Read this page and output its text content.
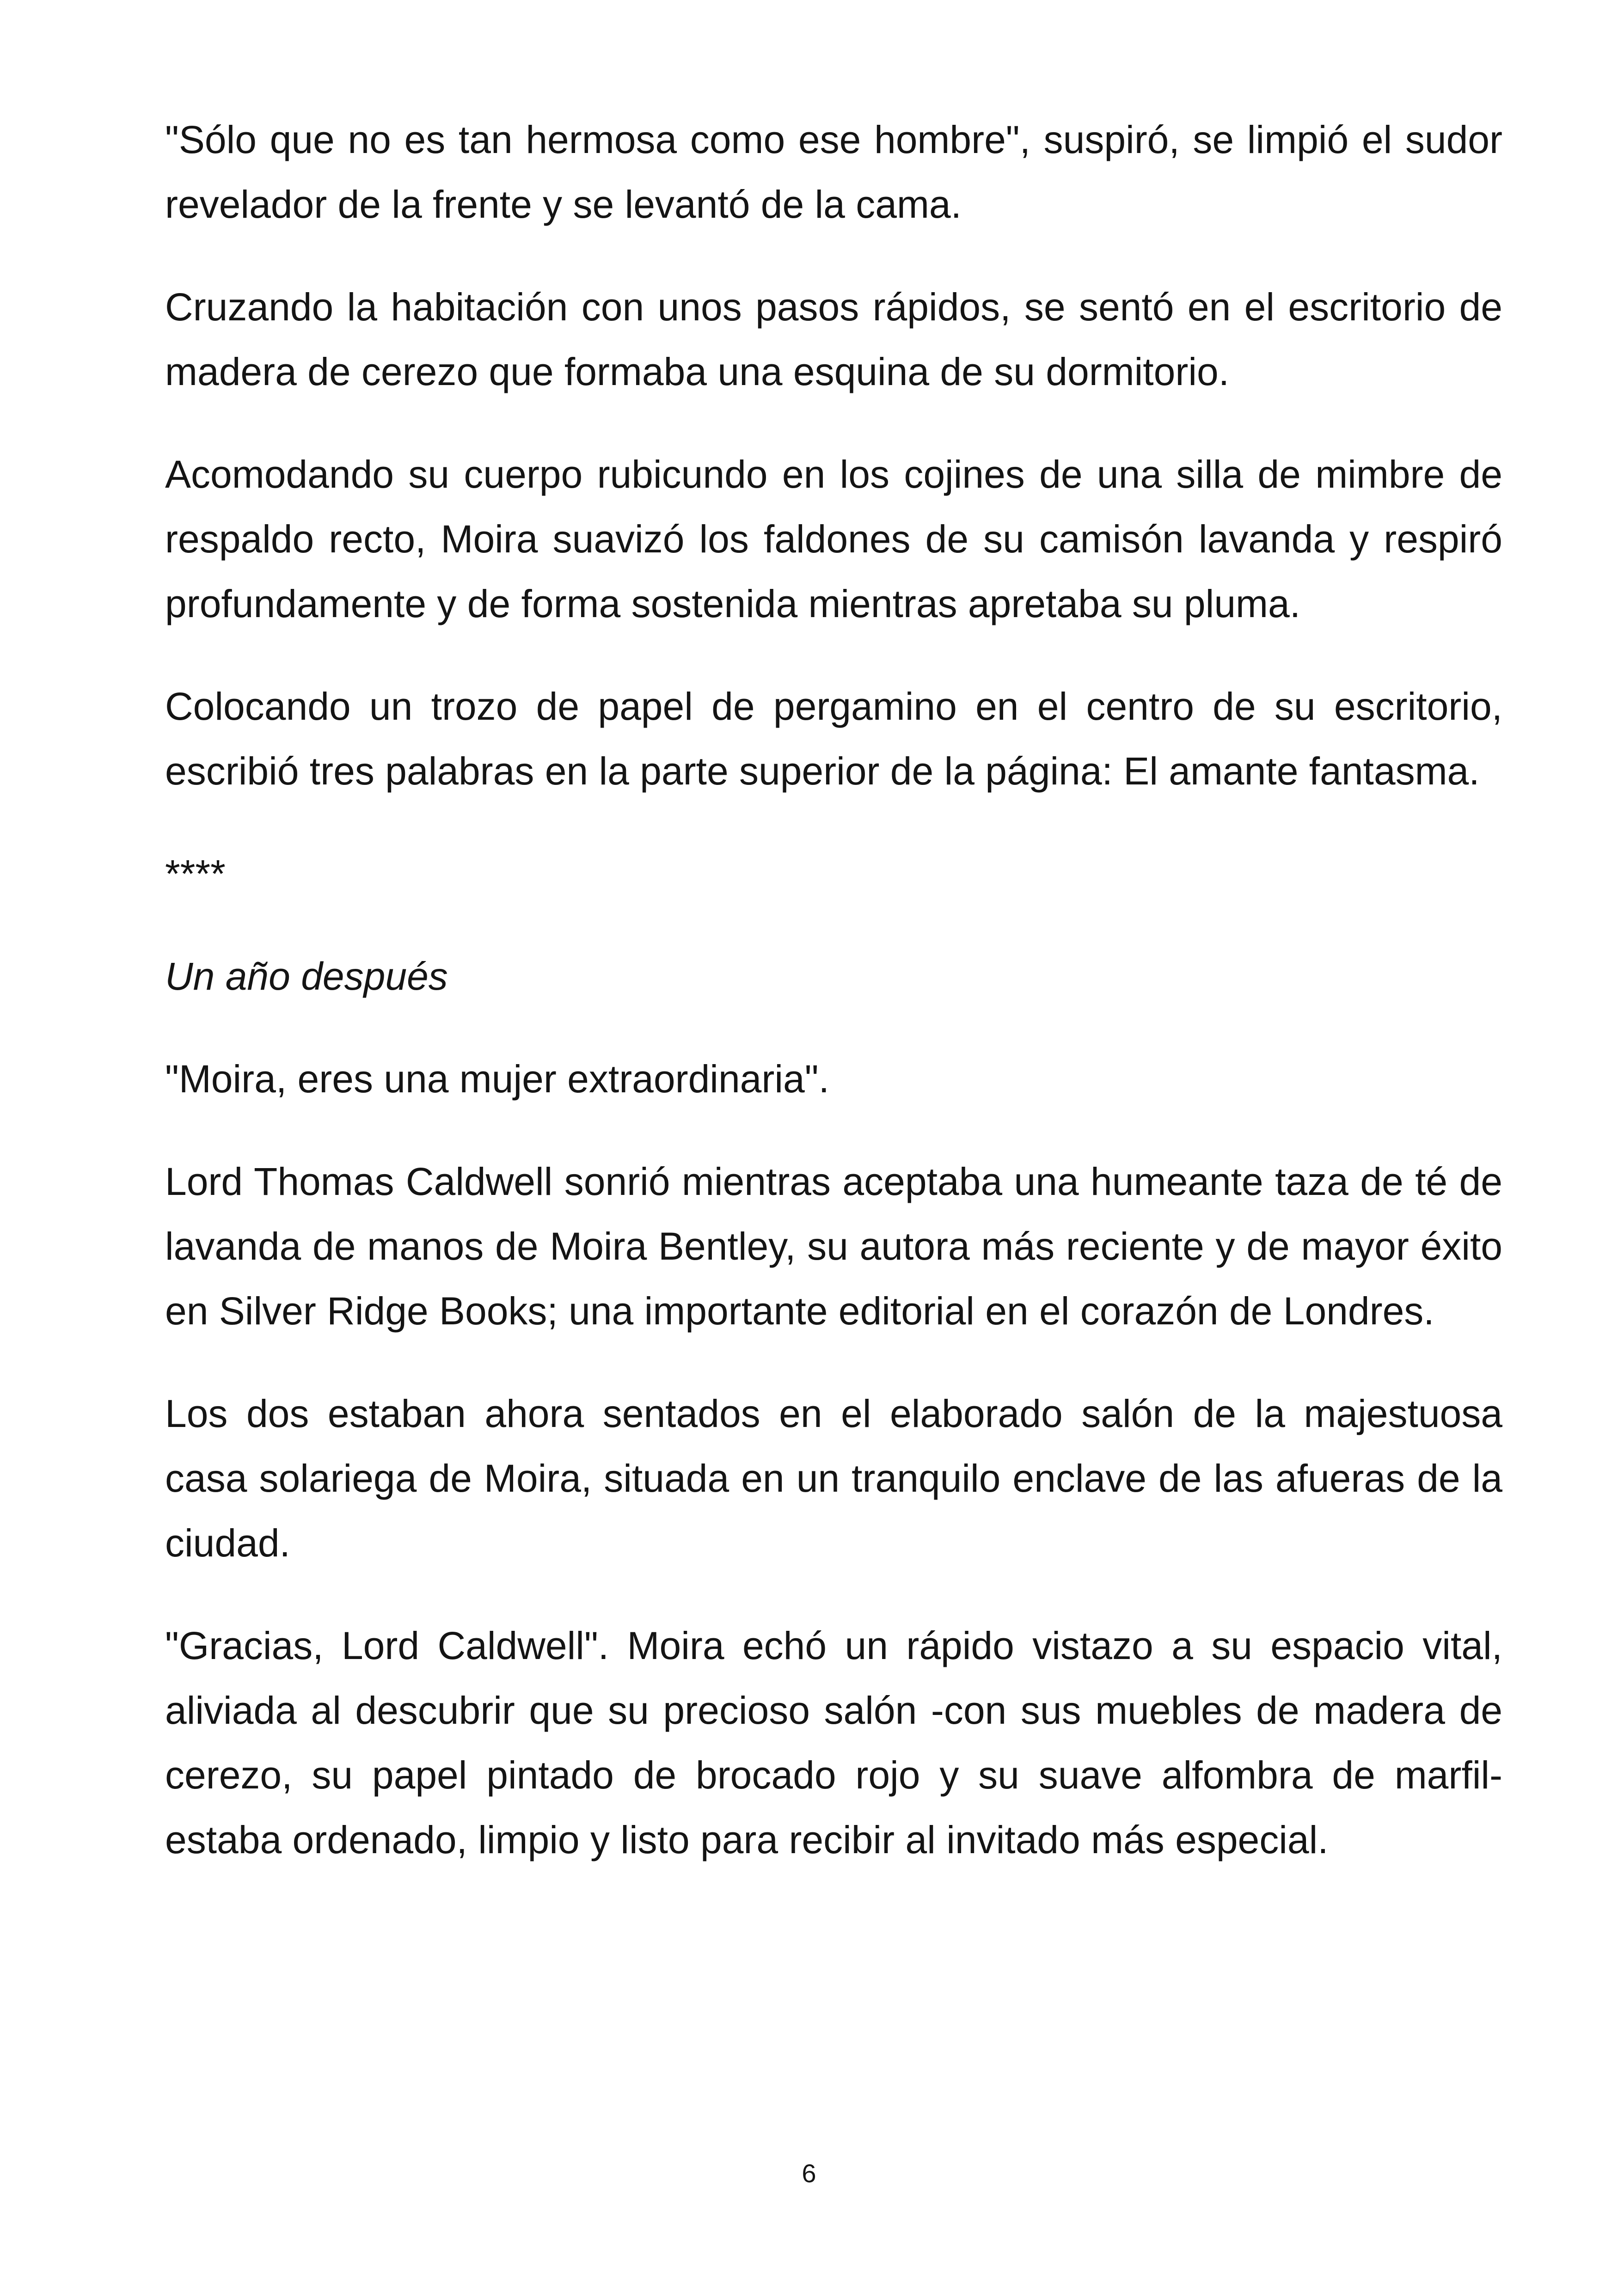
"Sólo que no es tan hermosa como ese hombre", suspiró, se limpió el sudor revelador de la frente y se levantó de la cama.

Cruzando la habitación con unos pasos rápidos, se sentó en el escritorio de madera de cerezo que formaba una esquina de su dormitorio.

Acomodando su cuerpo rubicundo en los cojines de una silla de mimbre de respaldo recto, Moira suavizó los faldones de su camisón lavanda y respiró profundamente y de forma sostenida mientras apretaba su pluma.

Colocando un trozo de papel de pergamino en el centro de su escritorio, escribió tres palabras en la parte superior de la página: El amante fantasma.

****

Un año después

"Moira, eres una mujer extraordinaria".

Lord Thomas Caldwell sonrió mientras aceptaba una humeante taza de té de lavanda de manos de Moira Bentley, su autora más reciente y de mayor éxito en Silver Ridge Books; una importante editorial en el corazón de Londres.

Los dos estaban ahora sentados en el elaborado salón de la majestuosa casa solariega de Moira, situada en un tranquilo enclave de las afueras de la ciudad.

"Gracias, Lord Caldwell". Moira echó un rápido vistazo a su espacio vital, aliviada al descubrir que su precioso salón -con sus muebles de madera de cerezo, su papel pintado de brocado rojo y su suave alfombra de marfil- estaba ordenado, limpio y listo para recibir al invitado más especial.

6
